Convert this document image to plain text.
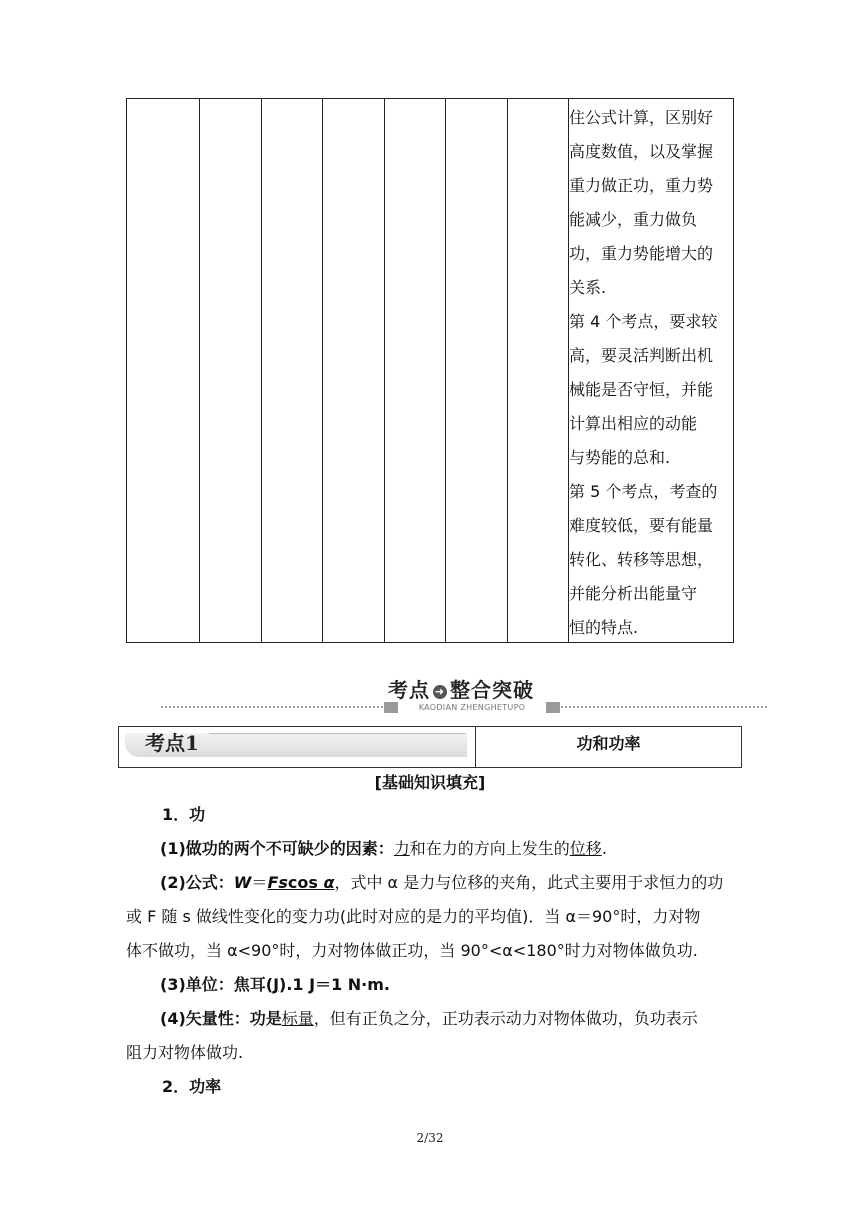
住公式计算，区别好
高度数值，以及掌握
重力做正功，重力势
能减少，重力做负
功，重力势能增大的
关系.
第 4 个考点，要求较
高，要灵活判断出机
械能是否守恒，并能
计算出相应的动能
与势能的总和.
第 5 个考点，考查的
难度较低，要有能量
转化、转移等思想，
并能分析出能量守
恒的特点.
考点 ➜ 整合突破
KAODIAN ZHENGHETUPO
考点1	功和功率
[基础知识填充]
1．功
(1)做功的两个不可缺少的因素：力和在力的方向上发生的位移.
(2)公式：W＝Fscos α，式中 α 是力与位移的夹角，此式主要用于求恒力的功
或 F 随 s 做线性变化的变力功(此时对应的是力的平均值)．当 α＝90°时，力对物
体不做功，当 α<90°时，力对物体做正功，当 90°<α<180°时力对物体做负功.
(3)单位：焦耳(J).1 J＝1 N·m.
(4)矢量性：功是标量，但有正负之分，正功表示动力对物体做功，负功表示
阻力对物体做功.
2．功率
2/32
